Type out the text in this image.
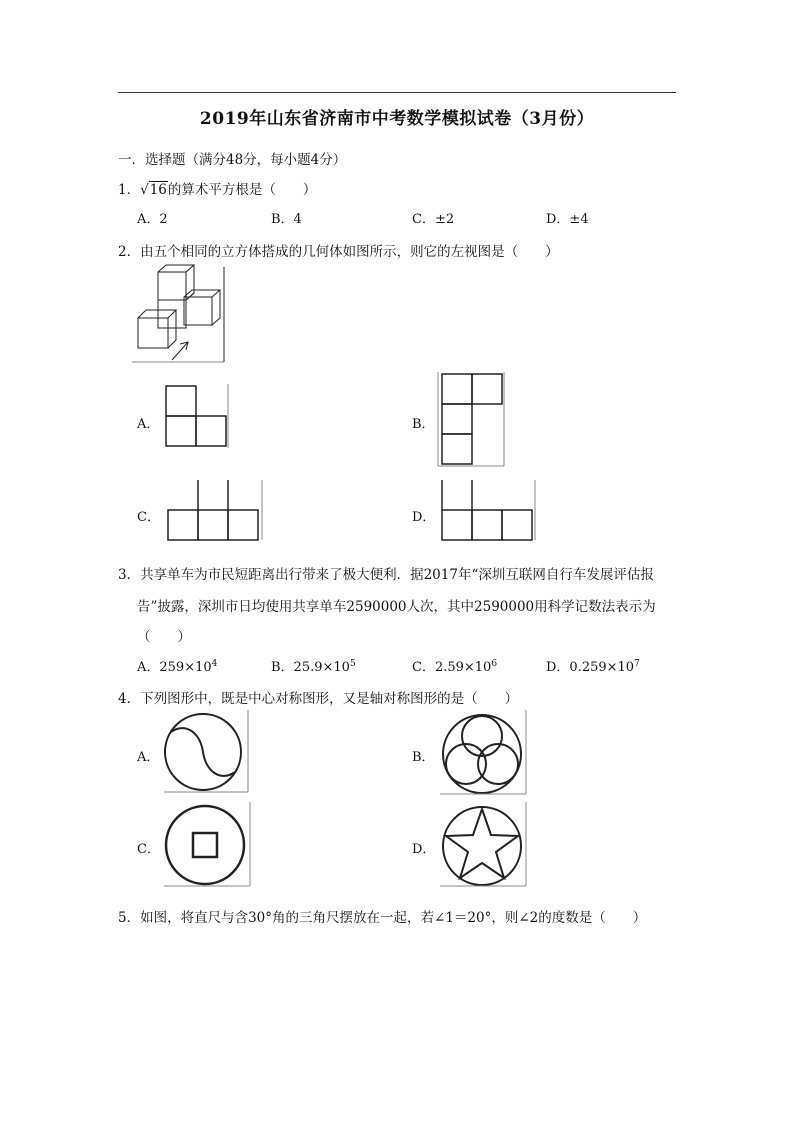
2019年山东省济南市中考数学模拟试卷（3月份）
一．选择题（满分48分，每小题4分）
1．√16的算术平方根是（　　）
A．2	B．4	C．±2	D．±4
2．由五个相同的立方体搭成的几何体如图所示，则它的左视图是（　　）
A．	B．
C．	D．
3．共享单车为市民短距离出行带来了极大便利．据2017年“深圳互联网自行车发展评估报
告”披露，深圳市日均使用共享单车2590000人次，其中2590000用科学记数法表示为
（　　）
A．$259\times 10^4$	B．$25.9\times 10^5$	C．$2.59\times 10^6$	D．$0.259\times 10^7$
4．下列图形中，既是中心对称图形，又是轴对称图形的是（　　）
A．	B．
C．	D．
5．如图，将直尺与含30°角的三角尺摆放在一起，若∠1＝20°，则∠2的度数是（　　）
